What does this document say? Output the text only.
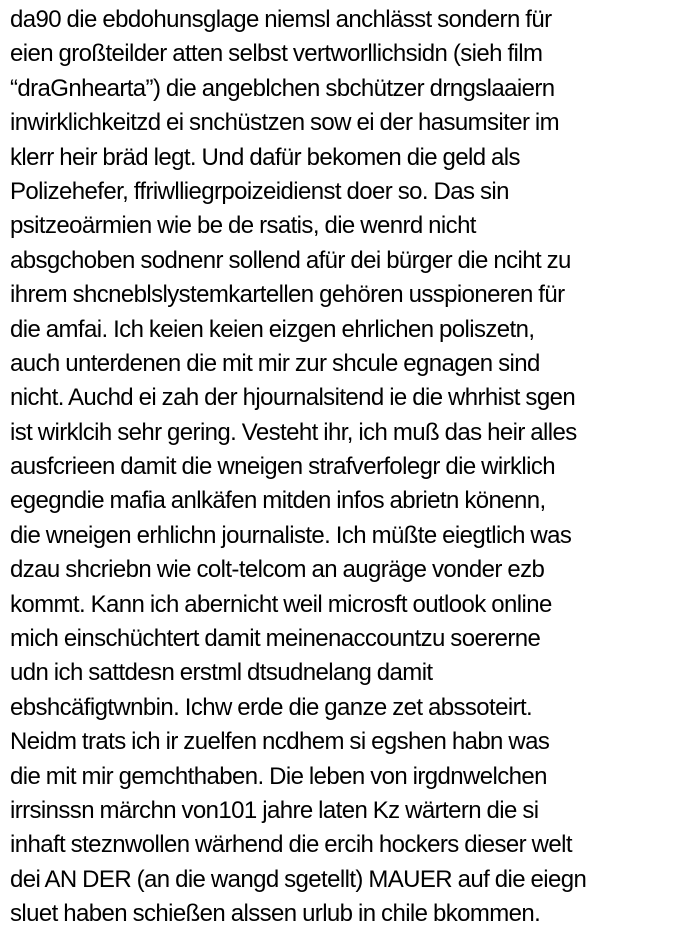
da90 die ebdohunsglage niemsl anchlässt sondern für
eien großteilder atten selbst vertworllichsidn (sieh film
“draGnhearta”) die angeblchen sbchützer drngslaaiern
inwirklichkeitzd ei snchüstzen sow ei der hasumsiter im
klerr heir bräd legt. Und dafür bekomen die geld als
Polizehefer, ffriwlliegrpoizeidienst doer so. Das sin
psitzeoärmien wie be de rsatis, die wenrd nicht
absgchoben sodnenr sollend afür dei bürger die nciht zu
ihrem shcneblslystemkartellen gehören usspioneren für
die amfai. Ich keien keien eizgen ehrlichen poliszetn,
auch unterdenen die mit mir zur shcule egnagen sind
nicht. Auchd ei zah der hjournalsitend ie die whrhist sgen
ist wirklcih sehr gering. Vesteht ihr, ich muß das heir alles
ausfcrieen damit die wneigen strafverfolegr die wirklich
egegndie mafia anlkäfen mitden infos abrietn könenn,
die wneigen erhlichn journaliste. Ich müßte eiegtlich was
dzau shcriebn wie colt-telcom an augräge vonder ezb
kommt. Kann ich abernicht weil microsft outlook online
mich einschüchtert damit meinenaccountzu soererne
udn ich sattdesn erstml dtsudnelang damit
ebshcäfigtwnbin. Ichw erde die ganze zet abssoteirt.
Neidm trats ich ir zuelfen ncdhem si egshen habn was
die mit mir gemchthaben. Die leben von irgdnwelchen
irrsinssn märchn von101 jahre laten Kz wärtern die si
inhaft steznwollen wärhend die ercih hockers dieser welt
dei AN DER (an die wangd sgetellt) MAUER auf die eiegn
sluet haben schießen alssen urlub in chile bkommen.
